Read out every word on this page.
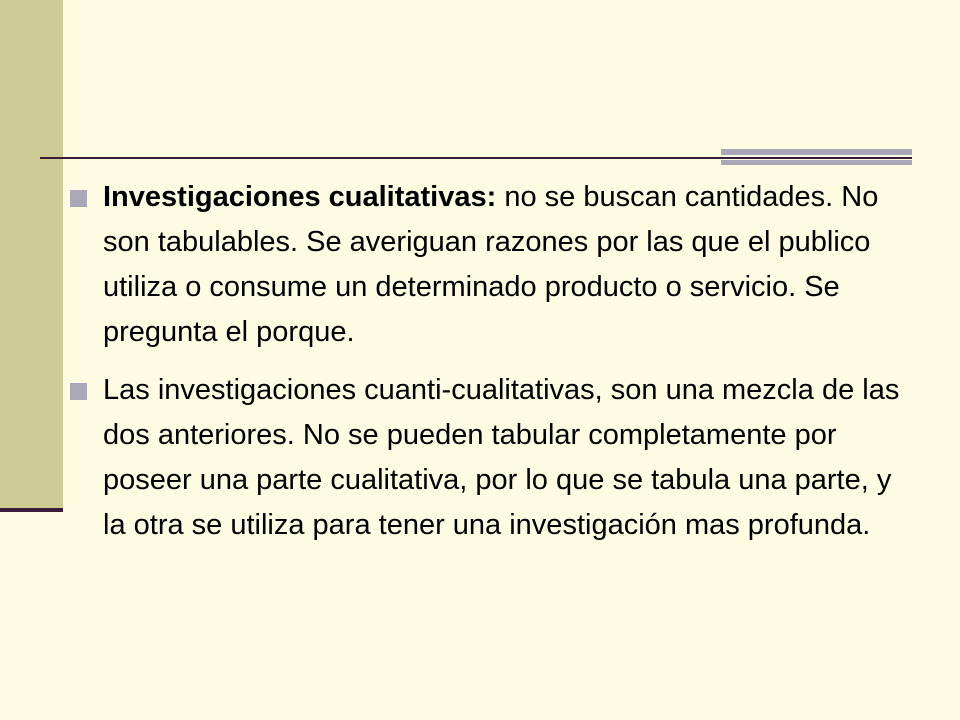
Investigaciones cualitativas: no se buscan cantidades. No son tabulables. Se averiguan razones por las que el publico utiliza o consume un determinado producto o servicio. Se pregunta el porque.
Las investigaciones cuanti-cualitativas, son una mezcla de las dos anteriores. No se pueden tabular completamente por poseer una parte cualitativa, por lo que se tabula una parte, y la otra se utiliza para tener una investigación mas profunda.
